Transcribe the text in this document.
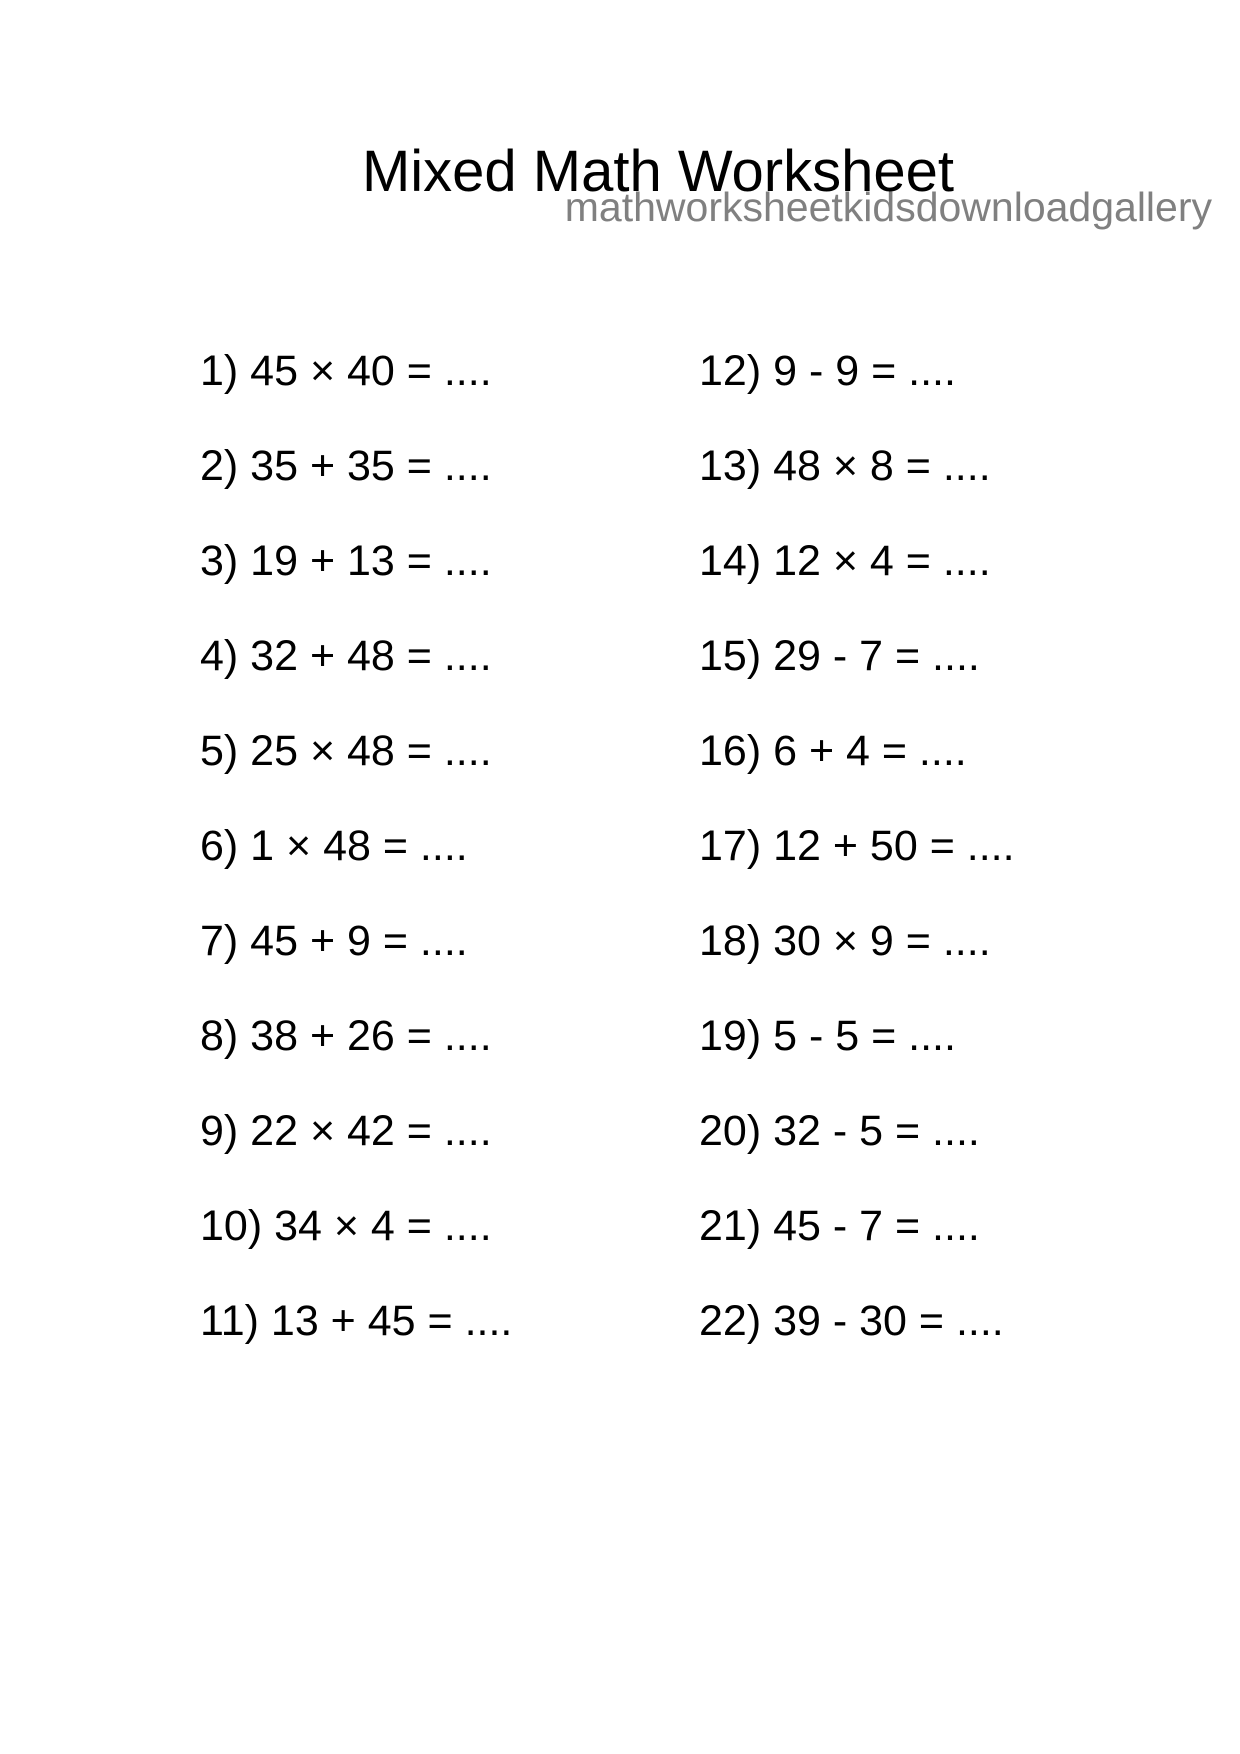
Mixed Math Worksheet
mathworksheetkidsdownloadgallery
1) 45 × 40 = ....
2) 35 + 35 = ....
3) 19 + 13 = ....
4) 32 + 48 = ....
5) 25 × 48 = ....
6) 1 × 48 = ....
7) 45 + 9 = ....
8) 38 + 26 = ....
9) 22 × 42 = ....
10) 34 × 4 = ....
11) 13 + 45 = ....
12) 9 - 9 = ....
13) 48 × 8 = ....
14) 12 × 4 = ....
15) 29 - 7 = ....
16) 6 + 4 = ....
17) 12 + 50 = ....
18) 30 × 9 = ....
19) 5 - 5 = ....
20) 32 - 5 = ....
21) 45 - 7 = ....
22) 39 - 30 = ....
